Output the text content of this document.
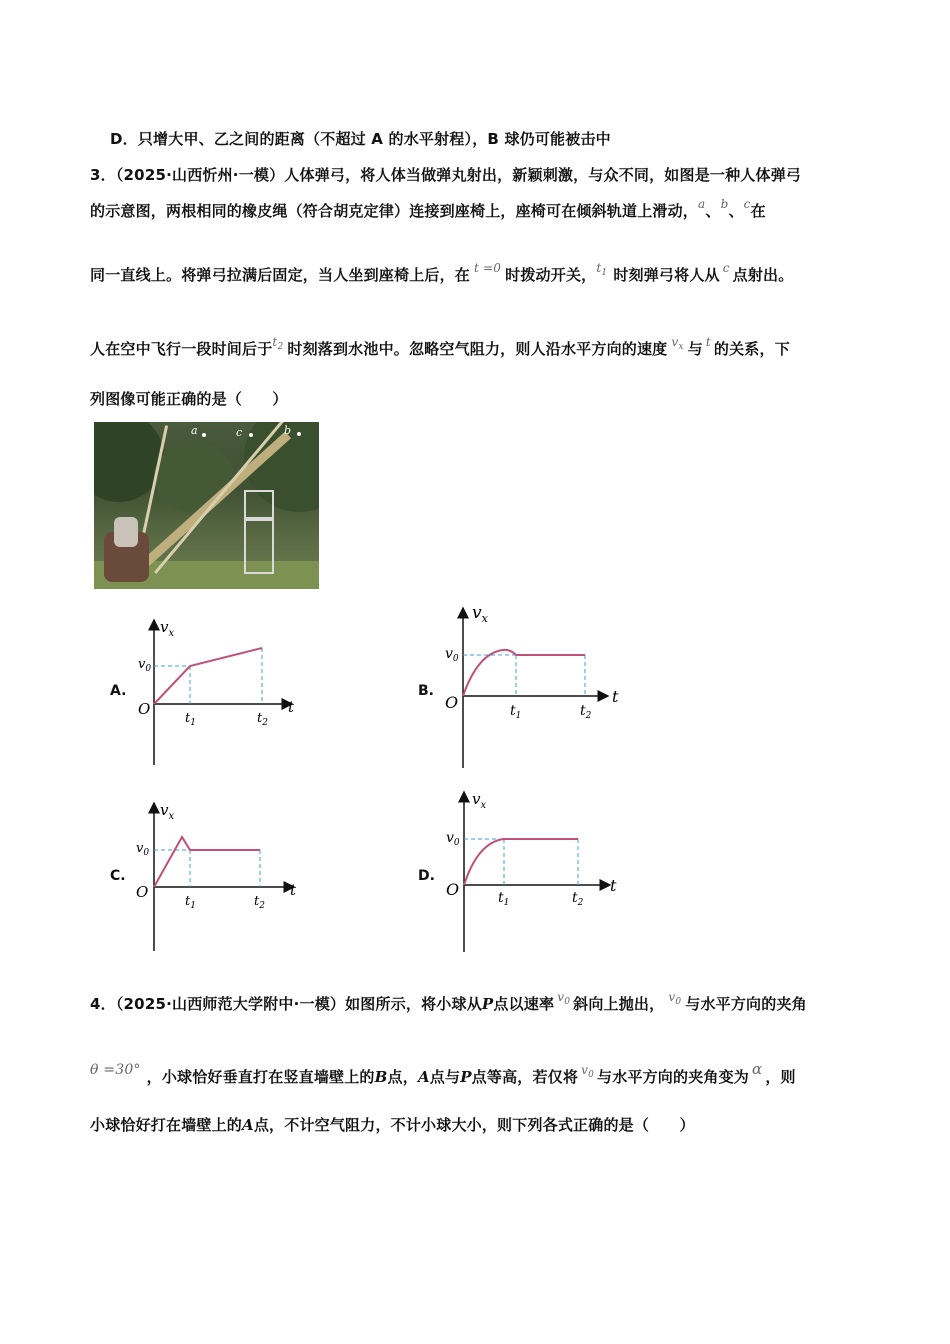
D．只增大甲、乙之间的距离（不超过 A 的水平射程），B 球仍可能被击中
3．（2025·山西忻州·一模）人体弹弓，将人体当做弹丸射出，新颖刺激，与众不同，如图是一种人体弹弓
的示意图，两根相同的橡皮绳（符合胡克定律）连接到座椅上，座椅可在倾斜轨道上滑动，$^a$、$^b$、$^c$在
同一直线上。将弹弓拉满后固定，当人坐到座椅上后，在 $^{t =0}$ 时拨动开关，$^{t_1}$ 时刻弹弓将人从 $^c$ 点射出。
人在空中飞行一段时间后于$^{t_2}$ 时刻落到水池中。忽略空气阻力，则人沿水平方向的速度 $^{v_x}$ 与 $^t$ 的关系，下
列图像可能正确的是（　　）
a	c	b
A.
$v_x$
$v_0$
O
$t_1$	$t_2$
t
B.
$v_x$
$v_0$
O	$t_1$	$t_2$
t
C.
$v_x$
$v_0$
O
$t_1$	$t_2$
t
D.
$v_x$
$v_0$
O	$t_1$	$t_2$
t
4．（2025·山西师范大学附中·一模）如图所示，将小球从P点以速率 $^{v_0}$ 斜向上抛出， $^{v_0}$ 与水平方向的夹角
θ =30° ，小球恰好垂直打在竖直墙壁上的B点，A点与P点等高，若仅将 $^{v_0}$ 与水平方向的夹角变为 α ，则
小球恰好打在墙壁上的A点，不计空气阻力，不计小球大小，则下列各式正确的是（　　）
